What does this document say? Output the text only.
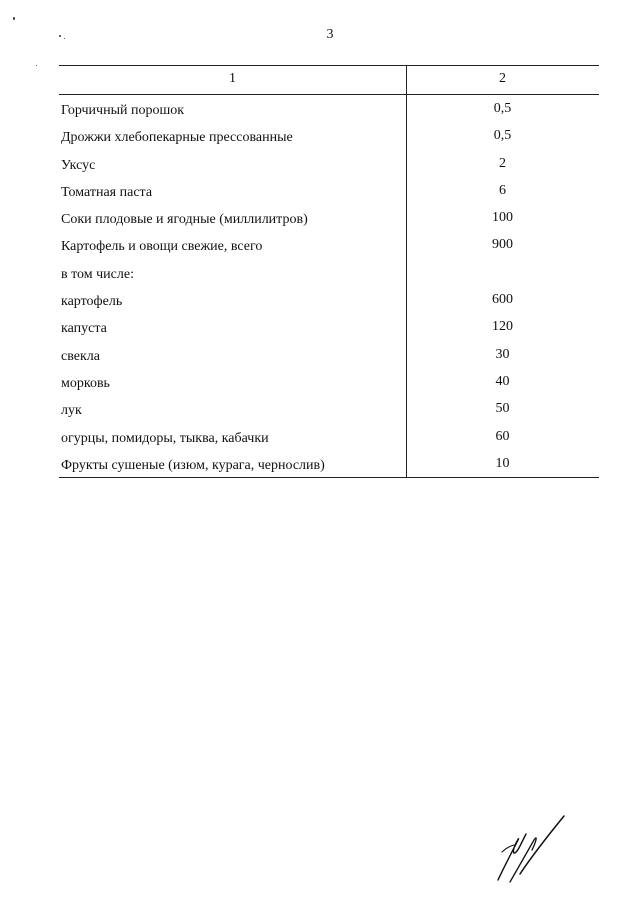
3
1	2
Горчичный порошок	0,5
Дрожжи хлебопекарные прессованные	0,5
Уксус	2
Томатная паста	6
Соки плодовые и ягодные (миллилитров)	100
Картофель и овощи свежие, всего	900
в том числе:
картофель	600
капуста	120
свекла	30
морковь	40
лук	50
огурцы, помидоры, тыква, кабачки	60
Фрукты сушеные (изюм, курага, чернослив)	10
